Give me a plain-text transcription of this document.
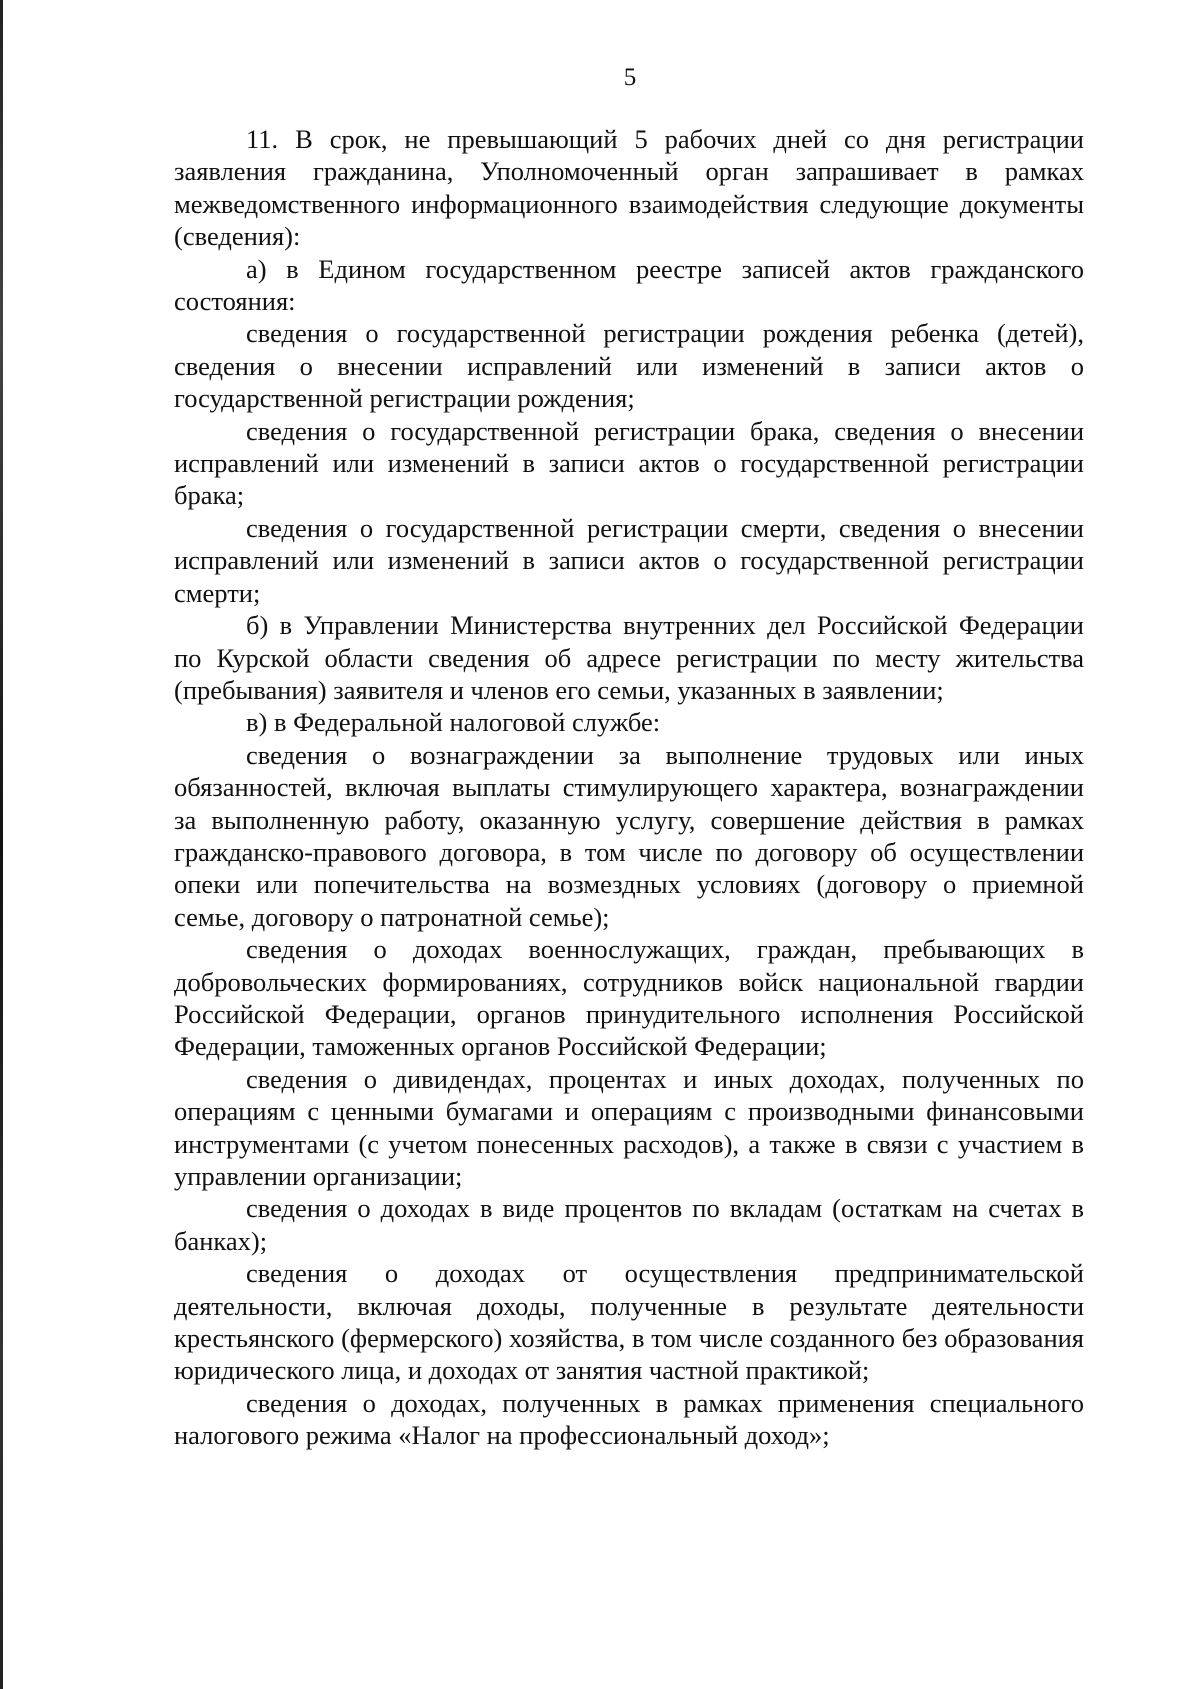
5

11. В срок, не превышающий 5 рабочих дней со дня регистрации заявления гражданина, Уполномоченный орган запрашивает в рамках межведомственного информационного взаимодействия следующие документы (сведения):

а) в Едином государственном реестре записей актов гражданского состояния:

сведения о государственной регистрации рождения ребенка (детей), сведения о внесении исправлений или изменений в записи актов о государственной регистрации рождения;

сведения о государственной регистрации брака, сведения о внесении исправлений или изменений в записи актов о государственной регистрации брака;

сведения о государственной регистрации смерти, сведения о внесении исправлений или изменений в записи актов о государственной регистрации смерти;

б) в Управлении Министерства внутренних дел Российской Федерации по Курской области сведения об адресе регистрации по месту жительства (пребывания) заявителя и членов его семьи, указанных в заявлении;

в) в Федеральной налоговой службе:

сведения о вознаграждении за выполнение трудовых или иных обязанностей, включая выплаты стимулирующего характера, вознаграждении за выполненную работу, оказанную услугу, совершение действия в рамках гражданско-правового договора, в том числе по договору об осуществлении опеки или попечительства на возмездных условиях (договору о приемной семье, договору о патронатной семье);

сведения о доходах военнослужащих, граждан, пребывающих в добровольческих формированиях, сотрудников войск национальной гвардии Российской Федерации, органов принудительного исполнения Российской Федерации, таможенных органов Российской Федерации;

сведения о дивидендах, процентах и иных доходах, полученных по операциям с ценными бумагами и операциям с производными финансовыми инструментами (с учетом понесенных расходов), а также в связи с участием в управлении организации;

сведения о доходах в виде процентов по вкладам (остаткам на счетах в банках);

сведения о доходах от осуществления предпринимательской деятельности, включая доходы, полученные в результате деятельности крестьянского (фермерского) хозяйства, в том числе созданного без образования юридического лица, и доходах от занятия частной практикой;

сведения о доходах, полученных в рамках применения специального налогового режима «Налог на профессиональный доход»;
